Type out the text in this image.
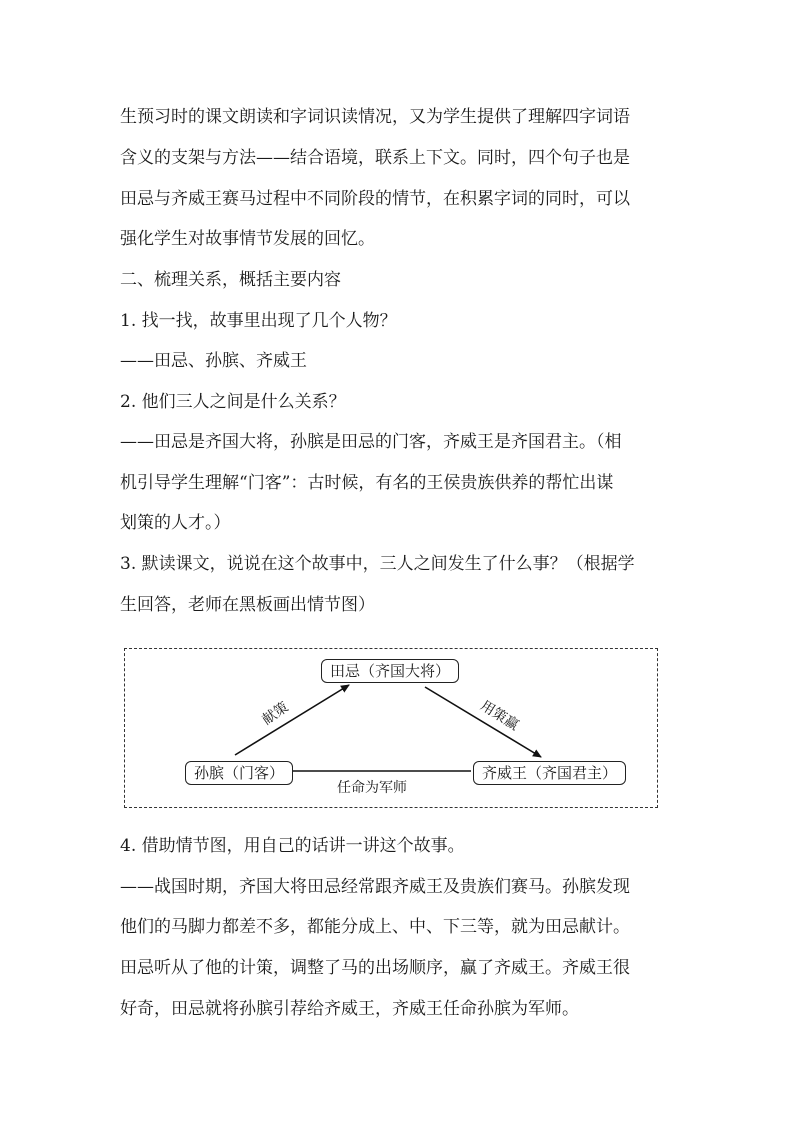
生预习时的课文朗读和字词识读情况，又为学生提供了理解四字词语

含义的支架与方法——结合语境，联系上下文。同时，四个句子也是

田忌与齐威王赛马过程中不同阶段的情节，在积累字词的同时，可以

强化学生对故事情节发展的回忆。

二、梳理关系，概括主要内容

1. 找一找，故事里出现了几个人物？

——田忌、孙膑、齐威王

2. 他们三人之间是什么关系？

——田忌是齐国大将，孙膑是田忌的门客，齐威王是齐国君主。（相

机引导学生理解“门客”：古时候，有名的王侯贵族供养的帮忙出谋

划策的人才。）

3. 默读课文，说说在这个故事中，三人之间发生了什么事？（根据学

生回答，老师在黑板画出情节图）

田忌（齐国大将）
孙膑（门客）	齐威王（齐国君主）
献策	用策赢
任命为军师

4. 借助情节图，用自己的话讲一讲这个故事。

——战国时期，齐国大将田忌经常跟齐威王及贵族们赛马。孙膑发现

他们的马脚力都差不多，都能分成上、中、下三等，就为田忌献计。

田忌听从了他的计策，调整了马的出场顺序，赢了齐威王。齐威王很

好奇，田忌就将孙膑引荐给齐威王，齐威王任命孙膑为军师。
